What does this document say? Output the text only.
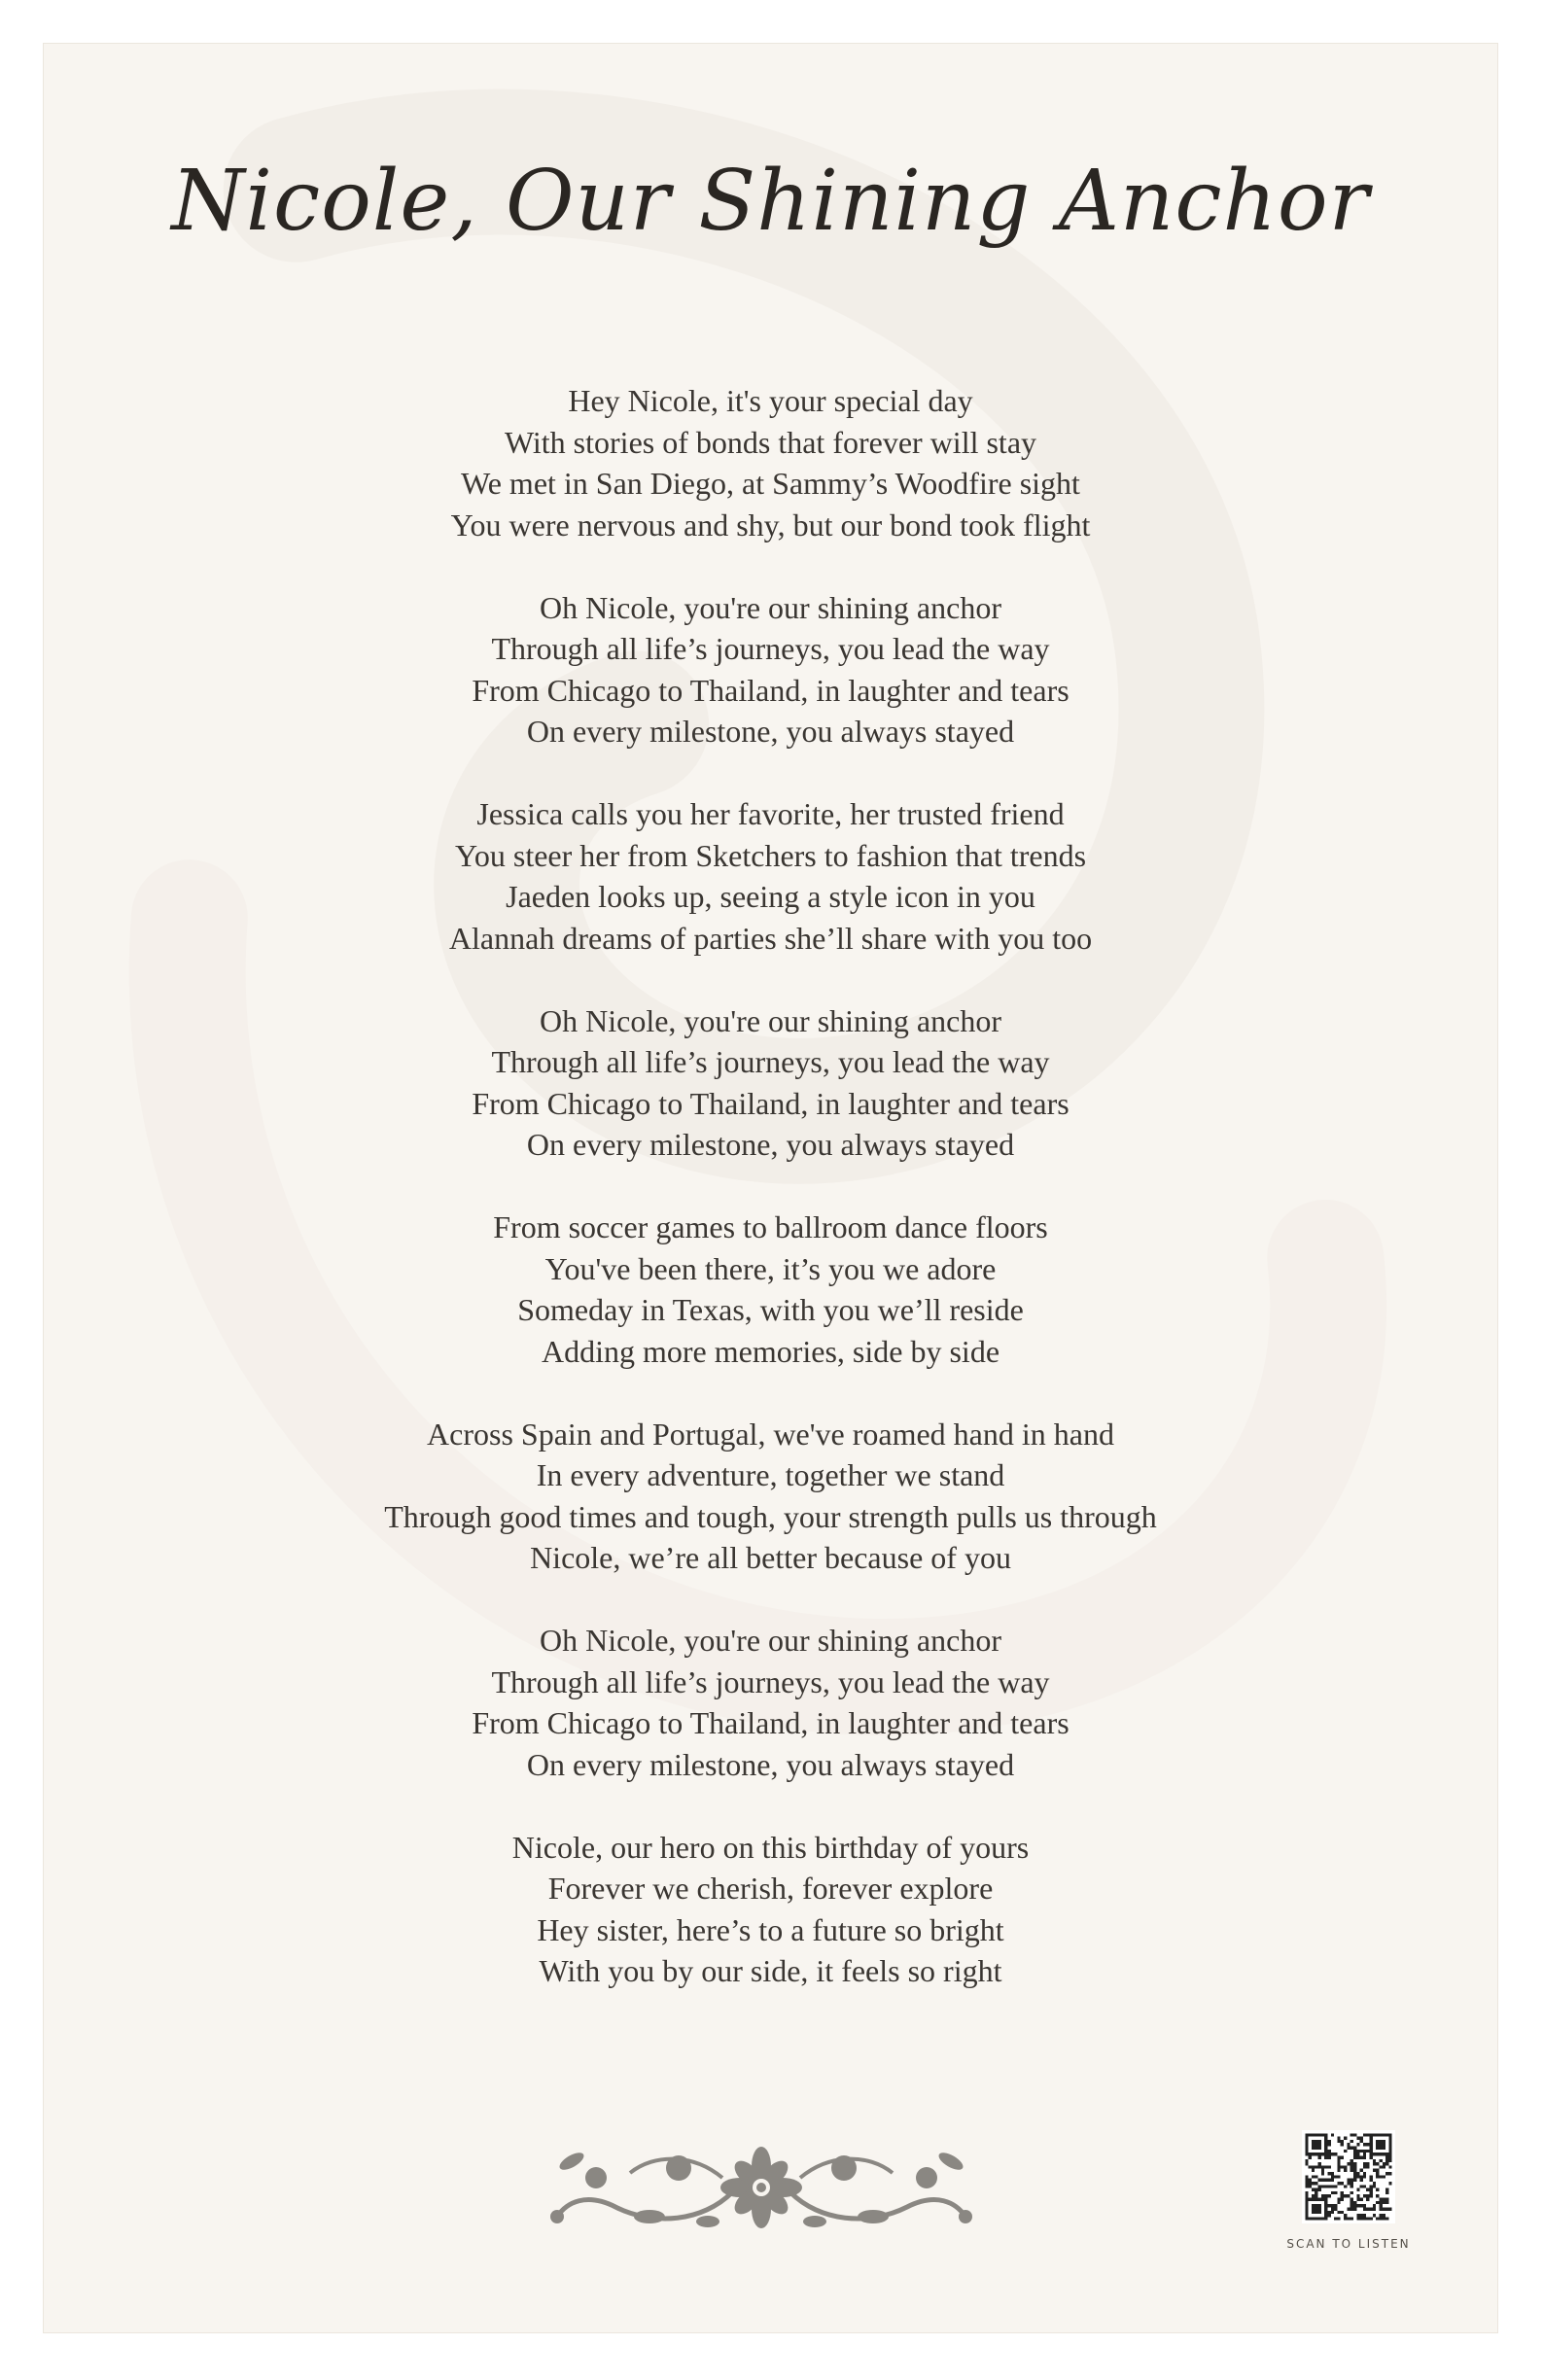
Nicole, Our Shining Anchor
Hey Nicole, it's your special day
With stories of bonds that forever will stay
We met in San Diego, at Sammy’s Woodfire sight
You were nervous and shy, but our bond took flight
Oh Nicole, you're our shining anchor
Through all life’s journeys, you lead the way
From Chicago to Thailand, in laughter and tears
On every milestone, you always stayed
Jessica calls you her favorite, her trusted friend
You steer her from Sketchers to fashion that trends
Jaeden looks up, seeing a style icon in you
Alannah dreams of parties she’ll share with you too
Oh Nicole, you're our shining anchor
Through all life’s journeys, you lead the way
From Chicago to Thailand, in laughter and tears
On every milestone, you always stayed
From soccer games to ballroom dance floors
You've been there, it’s you we adore
Someday in Texas, with you we’ll reside
Adding more memories, side by side
Across Spain and Portugal, we've roamed hand in hand
In every adventure, together we stand
Through good times and tough, your strength pulls us through
Nicole, we’re all better because of you
Oh Nicole, you're our shining anchor
Through all life’s journeys, you lead the way
From Chicago to Thailand, in laughter and tears
On every milestone, you always stayed
Nicole, our hero on this birthday of yours
Forever we cherish, forever explore
Hey sister, here’s to a future so bright
With you by our side, it feels so right
SCAN TO LISTEN
